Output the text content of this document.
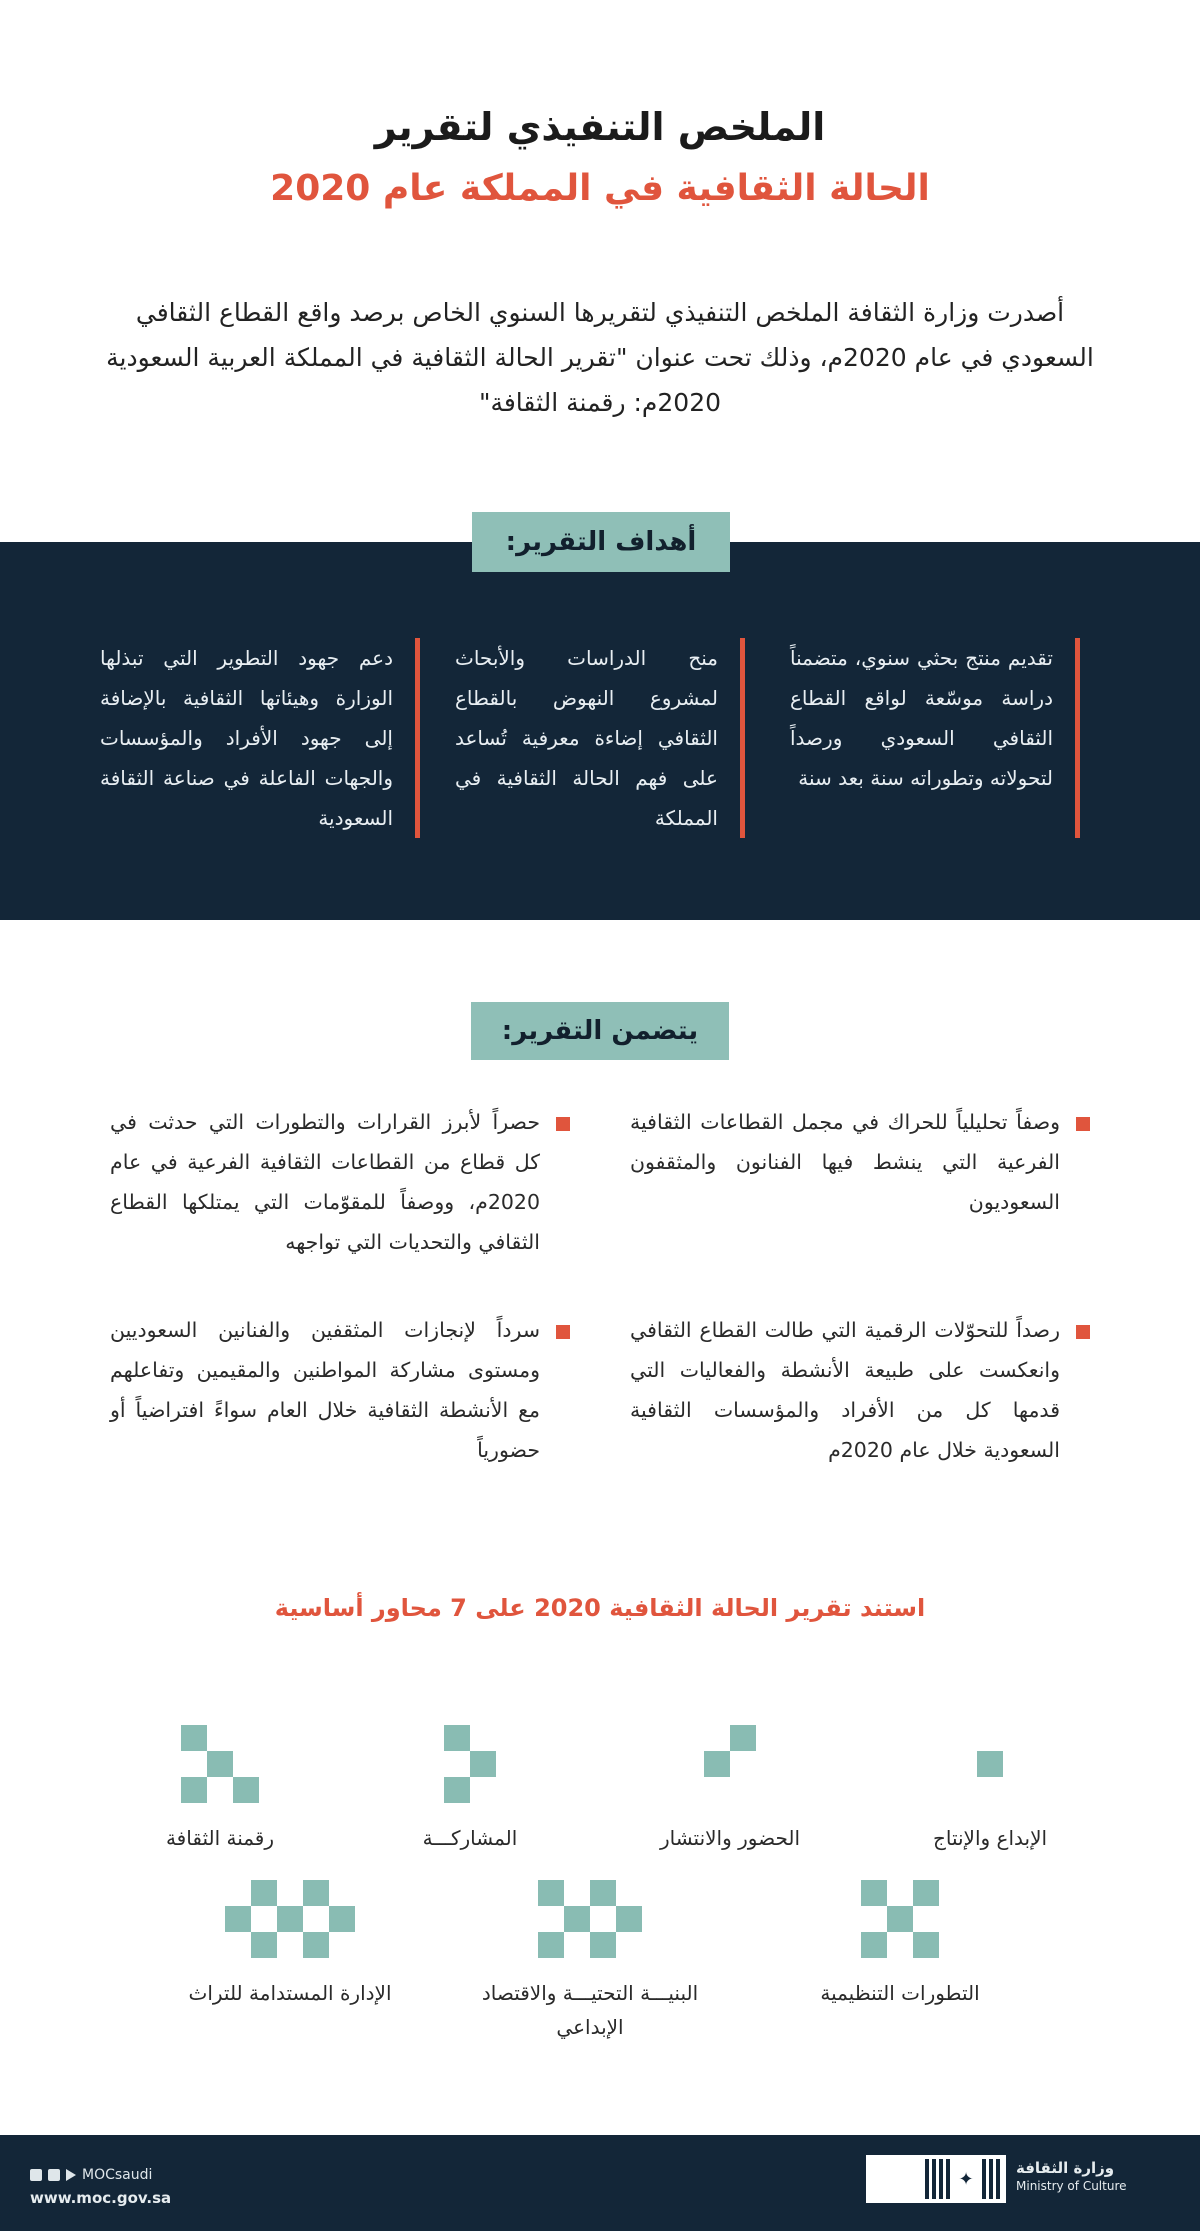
الملخص التنفيذي لتقرير
الحالة الثقافية في المملكة عام 2020

أصدرت وزارة الثقافة الملخص التنفيذي لتقريرها السنوي الخاص برصد واقع القطاع الثقافي السعودي في عام 2020م، وذلك تحت عنوان "تقرير الحالة الثقافية في المملكة العربية السعودية 2020م: رقمنة الثقافة"

أهداف التقرير:

تقديم منتج بحثي سنوي، متضمناً دراسة موسّعة لواقع القطاع الثقافي السعودي ورصداً لتحولاته وتطوراته سنة بعد سنة

منح الدراسات والأبحاث لمشروع النهوض بالقطاع الثقافي إضاءة معرفية تُساعد على فهم الحالة الثقافية في المملكة

دعم جهود التطوير التي تبذلها الوزارة وهيئاتها الثقافية بالإضافة إلى جهود الأفراد والمؤسسات والجهات الفاعلة في صناعة الثقافة السعودية

يتضمن التقرير:
وصفاً تحليلياً للحراك في مجمل القطاعات الثقافية الفرعية التي ينشط فيها الفنانون والمثقفون السعوديون
حصراً لأبرز القرارات والتطورات التي حدثت في كل قطاع من القطاعات الثقافية الفرعية في عام 2020م، ووصفاً للمقوّمات التي يمتلكها القطاع الثقافي والتحديات التي تواجهه
رصداً للتحوّلات الرقمية التي طالت القطاع الثقافي وانعكست على طبيعة الأنشطة والفعاليات التي قدمها كل من الأفراد والمؤسسات الثقافية السعودية خلال عام 2020م
سرداً لإنجازات المثقفين والفنانين السعوديين ومستوى مشاركة المواطنين والمقيمين وتفاعلهم مع الأنشطة الثقافية خلال العام سواءً افتراضياً أو حضورياً
استند تقرير الحالة الثقافية 2020 على 7 محاور أساسية
الإبداع والإنتاج
الحضور والانتشار
المشاركـــة
رقمنة الثقافة
التطورات التنظيمية
البنيـــة التحتيـــة والاقتصاد الإبداعي
الإدارة المستدامة للتراث
MOCsaudi
www.moc.gov.sa
✦
وزارة الثقافة
Ministry of Culture
